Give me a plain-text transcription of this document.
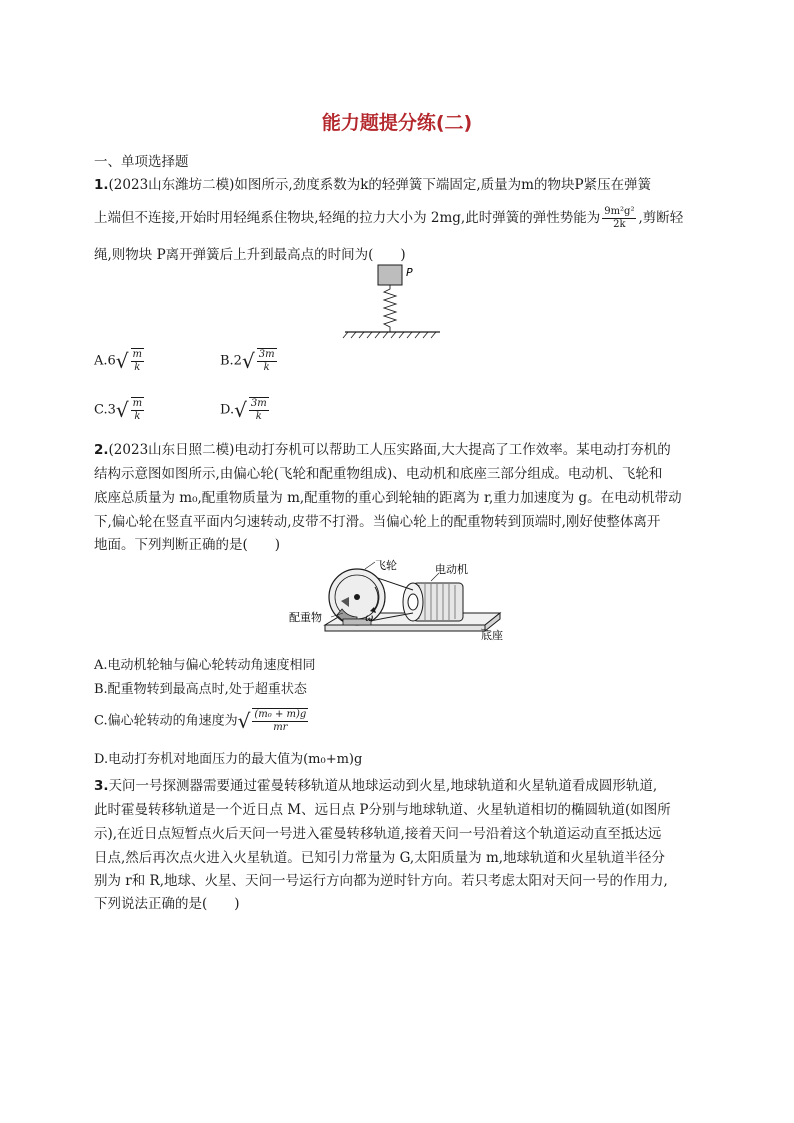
能力题提分练(二)
一、单项选择题
1.(2023山东潍坊二模)如图所示,劲度系数为k的轻弹簧下端固定,质量为m的物块P紧压在弹簧
上端但不连接,开始时用轻绳系住物块,轻绳的拉力大小为 2mg,此时弹簧的弹性势能为 $\frac{\text{9m²g²}}{2k}$ ,剪断轻
绳,则物块 P离开弹簧后上升到最高点的时间为(　　)
P
$A.6√ \frac{m}{k}$	$B.2√ \frac{3m}{k}$
$C.3√ \frac{m}{k}$	$D.√ \frac{3m}{k}$
2.(2023山东日照二模)电动打夯机可以帮助工人压实路面,大大提高了工作效率。某电动打夯机的
结构示意图如图所示,由偏心轮(飞轮和配重物组成)、电动机和底座三部分组成。电动机、飞轮和
底座总质量为 m₀,配重物质量为 m,配重物的重心到轮轴的距离为 r,重力加速度为 g。在电动机带动
下,偏心轮在竖直平面内匀速转动,皮带不打滑。当偏心轮上的配重物转到顶端时,刚好使整体离开
地面。下列判断正确的是(　　)
飞轮	电动机
配重物
底座
ω
A.电动机轮轴与偏心轮转动角速度相同
B.配重物转到最高点时,处于超重状态
C.偏心轮转动的角速度为√ $\frac{\text{(m₀ + m)g}}{mr}$
D.电动打夯机对地面压力的最大值为(m₀+m)g
3.天问一号探测器需要通过霍曼转移轨道从地球运动到火星,地球轨道和火星轨道看成圆形轨道,
此时霍曼转移轨道是一个近日点 M、远日点 P分别与地球轨道、火星轨道相切的椭圆轨道(如图所
示),在近日点短暂点火后天问一号进入霍曼转移轨道,接着天问一号沿着这个轨道运动直至抵达远
日点,然后再次点火进入火星轨道。已知引力常量为 G,太阳质量为 m,地球轨道和火星轨道半径分
别为 r和 R,地球、火星、天问一号运行方向都为逆时针方向。若只考虑太阳对天问一号的作用力,
下列说法正确的是(　　)
